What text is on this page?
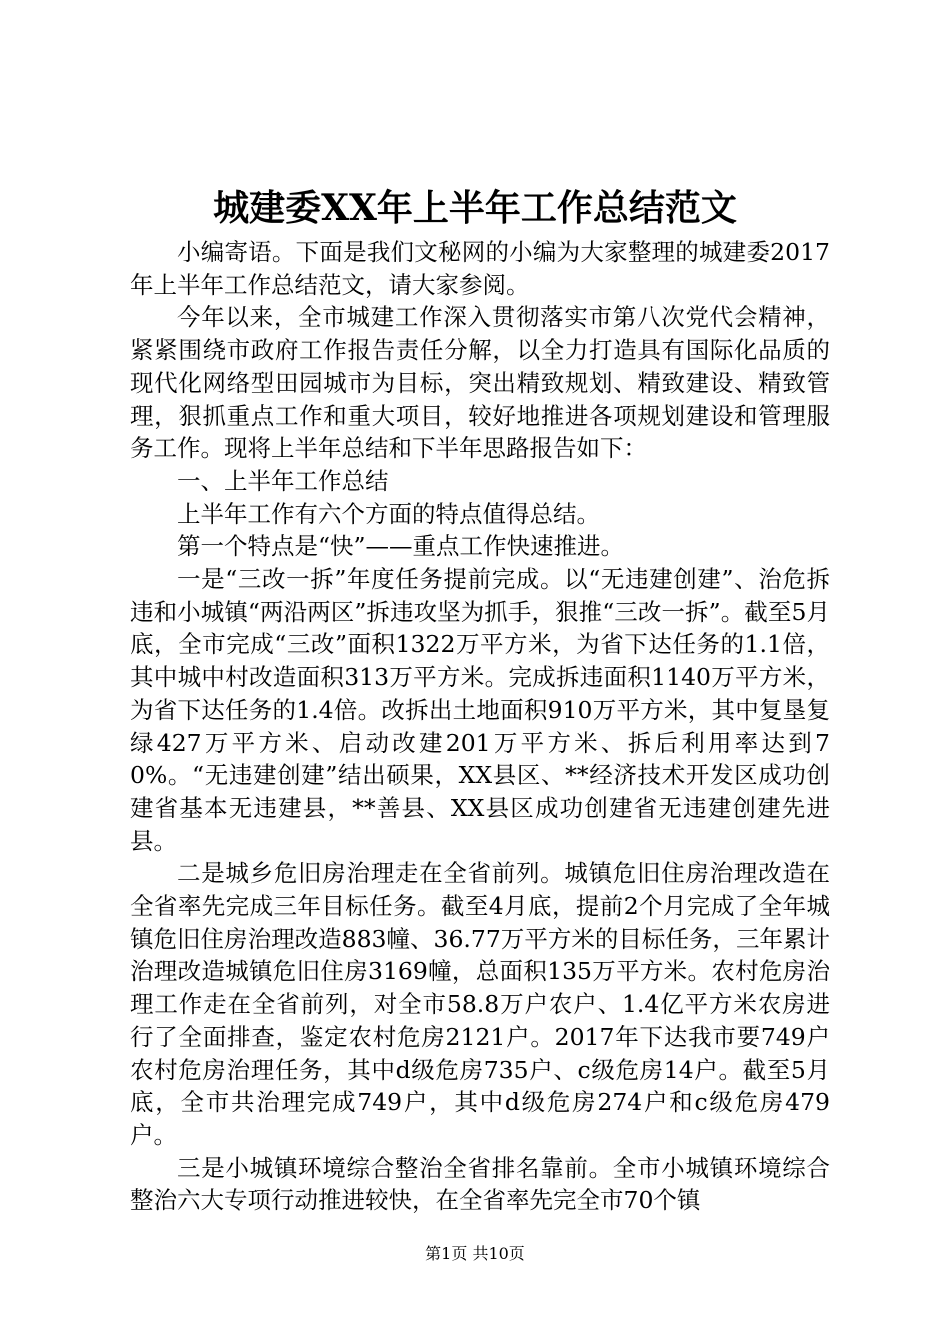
城建委XX年上半年工作总结范文

小编寄语。下面是我们文秘网的小编为大家整理的城建委2017年上半年工作总结范文，请大家参阅。

今年以来，全市城建工作深入贯彻落实市第八次党代会精神，紧紧围绕市政府工作报告责任分解，以全力打造具有国际化品质的现代化网络型田园城市为目标，突出精致规划、精致建设、精致管理，狠抓重点工作和重大项目，较好地推进各项规划建设和管理服务工作。现将上半年总结和下半年思路报告如下：

一、上半年工作总结

上半年工作有六个方面的特点值得总结。

第一个特点是“快”——重点工作快速推进。

一是“三改一拆”年度任务提前完成。以“无违建创建”、治危拆违和小城镇“两沿两区”拆违攻坚为抓手，狠推“三改一拆”。截至5月底，全市完成“三改”面积1322万平方米，为省下达任务的1.1倍，其中城中村改造面积313万平方米。完成拆违面积1140万平方米，为省下达任务的1.4倍。改拆出土地面积910万平方米，其中复垦复绿427万平方米、启动改建201万平方米、拆后利用率达到70%。“无违建创建”结出硕果，XX县区、**经济技术开发区成功创建省基本无违建县，**善县、XX县区成功创建省无违建创建先进县。

二是城乡危旧房治理走在全省前列。城镇危旧住房治理改造在全省率先完成三年目标任务。截至4月底，提前2个月完成了全年城镇危旧住房治理改造883幢、36.77万平方米的目标任务，三年累计治理改造城镇危旧住房3169幢，总面积135万平方米。农村危房治理工作走在全省前列，对全市58.8万户农户、1.4亿平方米农房进行了全面排查，鉴定农村危房2121户。2017年下达我市要749户农村危房治理任务，其中d级危房735户、c级危房14户。截至5月底，全市共治理完成749户，其中d级危房274户和c级危房479户。

三是小城镇环境综合整治全省排名靠前。全市小城镇环境综合整治六大专项行动推进较快，在全省率先完全市70个镇

第1页 共10页
